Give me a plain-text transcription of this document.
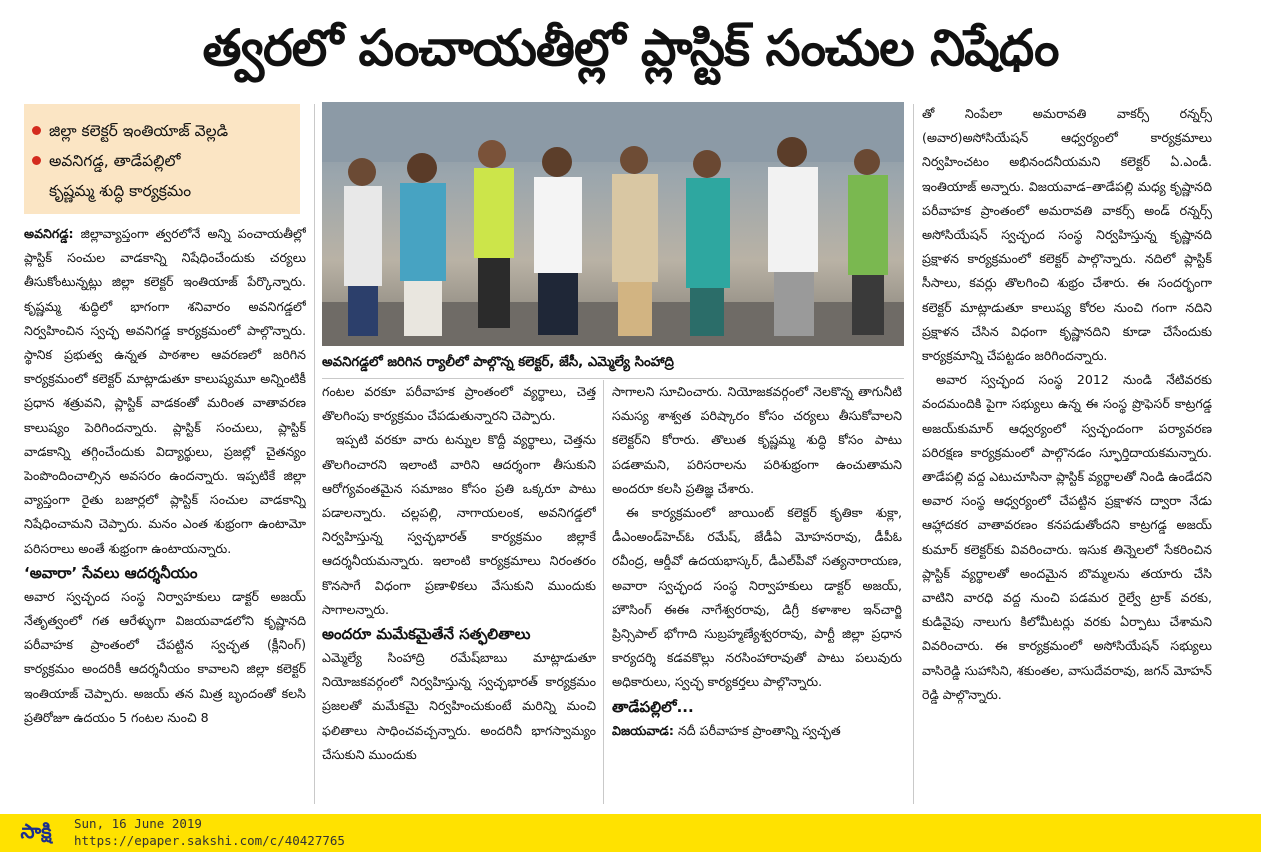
త్వరలో పంచాయతీల్లో ప్లాస్టిక్ సంచుల నిషేధం
జిల్లా కలెక్టర్ ఇంతియాజ్ వెల్లడి
అవనిగడ్డ, తాడేపల్లిలో
కృష్ణమ్మ శుద్ధి కార్యక్రమం

అవనిగడ్డ: జిల్లావ్యాప్తంగా త్వరలోనే అన్ని పంచాయతీల్లో ప్లాస్టిక్ సంచుల వాడకాన్ని నిషేధించేందుకు చర్యలు తీసుకోంటున్నట్లు జిల్లా కలెక్టర్ ఇంతియాజ్ పేర్కొన్నారు. కృష్ణమ్మ శుద్ధిలో భాగంగా శనివారం అవనిగడ్డలో నిర్వహించిన స్వచ్ఛ అవనిగడ్డ కార్యక్రమంలో పాల్గొన్నారు. స్థానిక ప్రభుత్వ ఉన్నత పాఠశాల ఆవరణలో జరిగిన కార్యక్రమంలో కలెక్టర్ మాట్లాడుతూ కాలుష్యమూ అన్నింటికీ ప్రధాన శత్రువని, ప్లాస్టిక్ వాడకంతో మరింత వాతావరణ కాలుష్యం పెరిగిందన్నారు. ప్లాస్టిక్ సంచులు, ప్లాస్టిక్ వాడకాన్ని తగ్గించేందుకు విద్యార్థులు, ప్రజల్లో చైతన్యం పెంపొందించాల్సిన అవసరం ఉందన్నారు. ఇప్పటికే జిల్లా వ్యాప్తంగా రైతు బజార్లలో ప్లాస్టిక్ సంచుల వాడకాన్ని నిషేధించామని చెప్పారు. మనం ఎంత శుభ్రంగా ఉంటామో పరిసరాలు అంతే శుభ్రంగా ఉంటాయన్నారు.

‘అవారా’ సేవలు ఆదర్శనీయం

అవార స్వచ్ఛంద సంస్థ నిర్వాహకులు డాక్టర్ అజయ్ నేతృత్వంలో గత ఆరేళ్ళుగా విజయవాడలోని కృష్ణానది పరీవాహక ప్రాంతంలో చేపట్టిన స్వచ్ఛత (క్లీనింగ్) కార్యక్రమం అందరికీ ఆదర్శనీయం కావాలని జిల్లా కలెక్టర్ ఇంతియాజ్ చెప్పారు. అజయ్ తన మిత్ర బృందంతో కలసి ప్రతిరోజూ ఉదయం 5 గంటల నుంచి 8

అవనిగడ్డలో జరిగిన ర్యాలీలో పాల్గొన్న కలెక్టర్, జేసీ, ఎమ్మెల్యే సింహాద్రి

గంటల వరకూ పరీవాహక ప్రాంతంలో వ్యర్థాలు, చెత్త తొలగింపు కార్యక్రమం చేపడుతున్నారని చెప్పారు.

ఇప్పటి వరకూ వారు టన్నుల కొద్దీ వ్యర్థాలు, చెత్తను తొలగించారని ఇలాంటి వారిని ఆదర్శంగా తీసుకుని ఆరోగ్యవంతమైన సమాజం కోసం ప్రతి ఒక్కరూ పాటు పడాలన్నారు. చల్లపల్లి, నాగాయలంక, అవనిగడ్డలో నిర్వహిస్తున్న స్వచ్ఛభారత్ కార్యక్రమం జిల్లాకే ఆదర్శనీయమన్నారు. ఇలాంటి కార్యక్రమాలు నిరంతరం కొనసాగే విధంగా ప్రణాళికలు వేసుకుని ముందుకు సాగాలన్నారు.

అందరూ మమేకమైతేనే సత్ఫలితాలు

ఎమ్మెల్యే సింహాద్రి రమేష్‌బాబు మాట్లాడుతూ నియోజకవర్గంలో నిర్వహిస్తున్న స్వచ్ఛభారత్ కార్యక్రమం ప్రజలతో మమేకమై నిర్వహించుకుంటే మరిన్ని మంచి ఫలితాలు సాధించవచ్చన్నారు. అందరినీ భాగస్వామ్యం చేసుకుని ముందుకు

సాగాలని సూచించారు. నియోజకవర్గంలో నెలకొన్న తాగునీటి సమస్య శాశ్వత పరిష్కారం కోసం చర్యలు తీసుకోవాలని కలెక్టర్‌ని కోరారు. తొలుత కృష్ణమ్మ శుద్ధి కోసం పాటు పడతామని, పరిసరాలను పరిశుభ్రంగా ఉంచుతామని అందరూ కలసి ప్రతిజ్ఞ చేశారు.

ఈ కార్యక్రమంలో జాయింట్ కలెక్టర్ కృతికా శుక్లా, డీఎంఅండ్‌హెచ్ఓ రమేష్, జేడీఏ మోహనరావు, డీపీఓ రవీంద్ర, ఆర్డీవో ఉదయభాస్కర్, డీఎల్‌పీవో సత్యనారాయణ, అవారా స్వచ్ఛంద సంస్థ నిర్వాహకులు డాక్టర్ అజయ్, హౌసింగ్ ఈఈ నాగేశ్వరరావు, డిగ్రీ కళాశాల ఇన్‌చార్జి ప్రిన్సిపాల్ భోగాది సుబ్రహ్మణ్యేశ్వరరావు, పార్టీ జిల్లా ప్రధాన కార్యదర్శి కడవకొల్లు నరసింహారావుతో పాటు పలువురు అధికారులు, స్వచ్ఛ కార్యకర్తలు పాల్గొన్నారు.

తాడేపల్లిలో...

విజయవాడ: నదీ పరీవాహక ప్రాంతాన్ని స్వచ్ఛత

తో నింపేలా అమరావతి వాకర్స్ రన్నర్స్ (అవార)అసోసియేషన్ ఆధ్వర్యంలో కార్యక్రమాలు నిర్వహించటం అభినందనీయమని కలెక్టర్ ఏ.ఎండీ. ఇంతియాజ్ అన్నారు. విజయవాడ–తాడేపల్లి మధ్య కృష్ణానది పరీవాహక ప్రాంతంలో అమరావతి వాకర్స్ అండ్ రన్నర్స్ అసోసియేషన్ స్వచ్ఛంద సంస్థ నిర్వహిస్తున్న కృష్ణానది ప్రక్షాళన కార్యక్రమంలో కలెక్టర్ పాల్గొన్నారు. నదిలో ప్లాస్టిక్ సీసాలు, కవర్లు తొలగించి శుభ్రం చేశారు. ఈ సందర్భంగా కలెక్టర్ మాట్లాడుతూ కాలుష్య కోరల నుంచి గంగా నదిని ప్రక్షాళన చేసిన విధంగా కృష్ణానదిని కూడా చేసేందుకు కార్యక్రమాన్ని చేపట్టడం జరిగిందన్నారు.

అవార స్వచ్ఛంద సంస్థ 2012 నుండి నేటివరకు వందమందికి పైగా సభ్యులు ఉన్న ఈ సంస్థ ప్రొఫెసర్ కాట్రగడ్డ అజయ్‌కుమార్ ఆధ్వర్యంలో స్వచ్ఛందంగా పర్యావరణ పరిరక్షణ కార్యక్రమంలో పాల్గొనడం స్ఫూర్తిదాయకమన్నారు. తాడేపల్లి వద్ద ఎటుచూసినా ప్లాస్టిక్ వ్యర్థాలతో నిండి ఉండేదని అవార సంస్థ ఆధ్వర్యంలో చేపట్టిన ప్రక్షాళన ద్వారా నేడు ఆహ్లాదకర వాతావరణం కనపడుతోందని కాట్రగడ్డ అజయ్ కుమార్ కలెక్టర్‌కు వివరించారు. ఇసుక తిన్నెలలో సేకరించిన ప్లాస్టిక్ వ్యర్థాలతో అందమైన బొమ్మలను తయారు చేసి వాటిని వారధి వద్ద నుంచి పడమర రైల్వే ట్రాక్ వరకు, కుడివైపు నాలుగు కిలోమీటర్లు వరకు ఏర్పాటు చేశామని వివరించారు. ఈ కార్యక్రమంలో అసోసియేషన్ సభ్యులు వాసిరెడ్డి సుహాసిని, శకుంతల, వాసుదేవరావు, జగన్ మోహన్ రెడ్డి పాల్గొన్నారు.

సాక్షి Sun, 16 June 2019
https://epaper.sakshi.com/c/40427765
